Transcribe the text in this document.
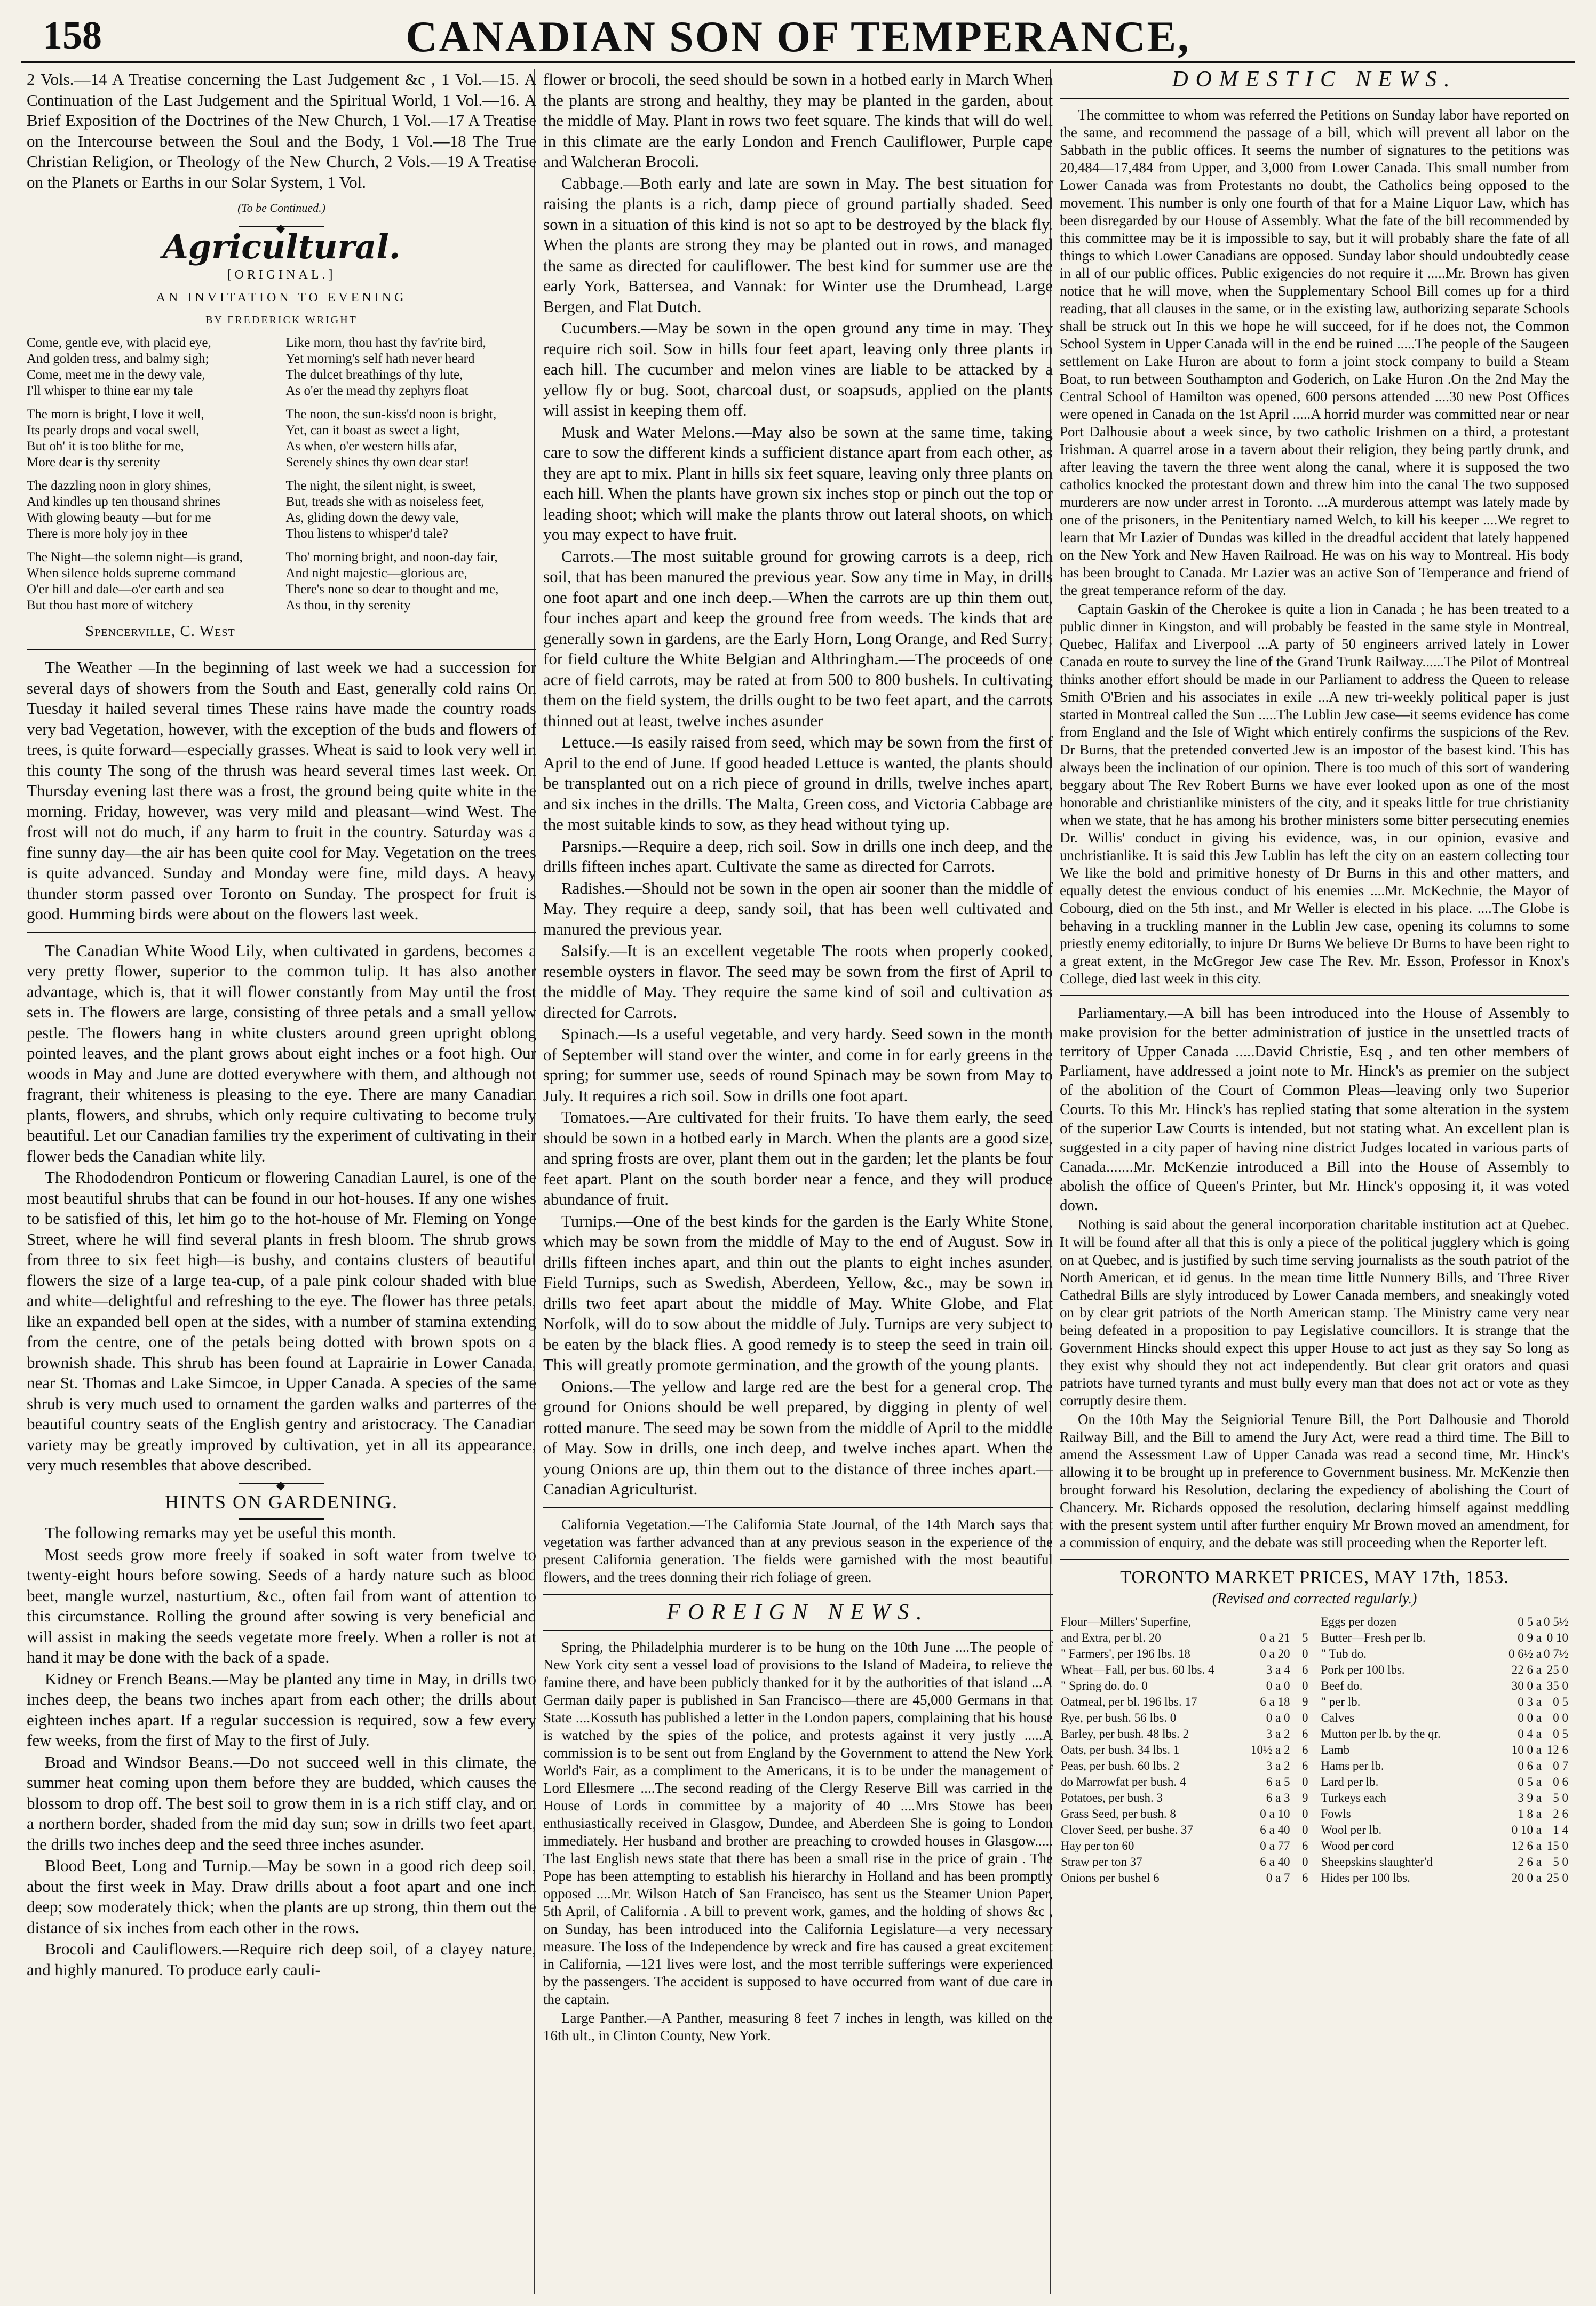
158	CANADIAN SON OF TEMPERANCE,

2 Vols.—14 A Treatise concerning the Last Judgement &c , 1 Vol.—15. A Continuation of the Last Judgement and the Spiritual World, 1 Vol.—16. A Brief Exposition of the Doctrines of the New Church, 1 Vol.—17 A Treatise on the Intercourse between the Soul and the Body, 1 Vol.—18 The True Christian Religion, or Theology of the New Church, 2 Vols.—19 A Treatise on the Planets or Earths in our Solar System, 1 Vol.

(To be Continued.)
◆
Agricultural.
[ORIGINAL.]
AN INVITATION TO EVENING
BY FREDERICK WRIGHT
Come, gentle eve, with placid eye,
And golden tress, and balmy sigh;
Come, meet me in the dewy vale,
I'll whisper to thine ear my tale
Like morn, thou hast thy fav'rite bird,
Yet morning's self hath never heard
The dulcet breathings of thy lute,
As o'er the mead thy zephyrs float
The morn is bright, I love it well,
Its pearly drops and vocal swell,
But oh' it is too blithe for me,
More dear is thy serenity
The noon, the sun-kiss'd noon is bright,
Yet, can it boast as sweet a light,
As when, o'er western hills afar,
Serenely shines thy own dear star!
The dazzling noon in glory shines,
And kindles up ten thousand shrines
With glowing beauty —but for me
There is more holy joy in thee
The night, the silent night, is sweet,
But, treads she with as noiseless feet,
As, gliding down the dewy vale,
Thou listens to whisper'd tale?
The Night—the solemn night—is grand,
When silence holds supreme command
O'er hill and dale—o'er earth and sea
But thou hast more of witchery
Tho' morning bright, and noon-day fair,
And night majestic—glorious are,
There's none so dear to thought and me,
As thou, in thy serenity
Spencerville, C. West

The Weather —In the beginning of last week we had a succession for several days of showers from the South and East, generally cold rains On Tuesday it hailed several times These rains have made the country roads very bad Vegetation, however, with the exception of the buds and flowers of trees, is quite forward—especially grasses. Wheat is said to look very well in this county The song of the thrush was heard several times last week. On Thursday evening last there was a frost, the ground being quite white in the morning. Friday, however, was very mild and pleasant—wind West. The frost will not do much, if any harm to fruit in the country. Saturday was a fine sunny day—the air has been quite cool for May. Vegetation on the trees is quite advanced. Sunday and Monday were fine, mild days. A heavy thunder storm passed over Toronto on Sunday. The prospect for fruit is good. Humming birds were about on the flowers last week.

The Canadian White Wood Lily, when cultivated in gardens, becomes a very pretty flower, superior to the common tulip. It has also another advantage, which is, that it will flower constantly from May until the frost sets in. The flowers are large, consisting of three petals and a small yellow pestle. The flowers hang in white clusters around green upright oblong pointed leaves, and the plant grows about eight inches or a foot high. Our woods in May and June are dotted everywhere with them, and although not fragrant, their whiteness is pleasing to the eye. There are many Canadian plants, flowers, and shrubs, which only require cultivating to become truly beautiful. Let our Canadian families try the experiment of cultivating in their flower beds the Canadian white lily.

The Rhododendron Ponticum or flowering Canadian Laurel, is one of the most beautiful shrubs that can be found in our hot-houses. If any one wishes to be satisfied of this, let him go to the hot-house of Mr. Fleming on Yonge Street, where he will find several plants in fresh bloom. The shrub grows from three to six feet high—is bushy, and contains clusters of beautiful flowers the size of a large tea-cup, of a pale pink colour shaded with blue and white—delightful and refreshing to the eye. The flower has three petals, like an expanded bell open at the sides, with a number of stamina extending from the centre, one of the petals being dotted with brown spots on a brownish shade. This shrub has been found at Laprairie in Lower Canada, near St. Thomas and Lake Simcoe, in Upper Canada. A species of the same shrub is very much used to ornament the garden walks and parterres of the beautiful country seats of the English gentry and aristocracy. The Canadian variety may be greatly improved by cultivation, yet in all its appearance, very much resembles that above described.

◆
HINTS ON GARDENING.

The following remarks may yet be useful this month.

Most seeds grow more freely if soaked in soft water from twelve to twenty-eight hours before sowing. Seeds of a hardy nature such as blood beet, mangle wurzel, nasturtium, &c., often fail from want of attention to this circumstance. Rolling the ground after sowing is very beneficial and will assist in making the seeds vegetate more freely. When a roller is not at hand it may be done with the back of a spade.

Kidney or French Beans.—May be planted any time in May, in drills two inches deep, the beans two inches apart from each other; the drills about eighteen inches apart. If a regular succession is required, sow a few every few weeks, from the first of May to the first of July.

Broad and Windsor Beans.—Do not succeed well in this climate, the summer heat coming upon them before they are budded, which causes the blossom to drop off. The best soil to grow them in is a rich stiff clay, and on a northern border, shaded from the mid day sun; sow in drills two feet apart, the drills two inches deep and the seed three inches asunder.

Blood Beet, Long and Turnip.—May be sown in a good rich deep soil, about the first week in May. Draw drills about a foot apart and one inch deep; sow moderately thick; when the plants are up strong, thin them out the distance of six inches from each other in the rows.

Brocoli and Cauliflowers.—Require rich deep soil, of a clayey nature, and highly manured. To produce early cauli-

flower or brocoli, the seed should be sown in a hotbed early in March When the plants are strong and healthy, they may be planted in the garden, about the middle of May. Plant in rows two feet square. The kinds that will do well in this climate are the early London and French Cauliflower, Purple cape and Walcheran Brocoli.

Cabbage.—Both early and late are sown in May. The best situation for raising the plants is a rich, damp piece of ground partially shaded. Seed sown in a situation of this kind is not so apt to be destroyed by the black fly. When the plants are strong they may be planted out in rows, and managed the same as directed for cauliflower. The best kind for summer use are the early York, Battersea, and Vannak: for Winter use the Drumhead, Large Bergen, and Flat Dutch.

Cucumbers.—May be sown in the open ground any time in may. They require rich soil. Sow in hills four feet apart, leaving only three plants in each hill. The cucumber and melon vines are liable to be attacked by a yellow fly or bug. Soot, charcoal dust, or soapsuds, applied on the plants will assist in keeping them off.

Musk and Water Melons.—May also be sown at the same time, taking care to sow the different kinds a sufficient distance apart from each other, as they are apt to mix. Plant in hills six feet square, leaving only three plants on each hill. When the plants have grown six inches stop or pinch out the top or leading shoot; which will make the plants throw out lateral shoots, on which you may expect to have fruit.

Carrots.—The most suitable ground for growing carrots is a deep, rich soil, that has been manured the previous year. Sow any time in May, in drills one foot apart and one inch deep.—When the carrots are up thin them out, four inches apart and keep the ground free from weeds. The kinds that are generally sown in gardens, are the Early Horn, Long Orange, and Red Surry; for field culture the White Belgian and Althringham.—The proceeds of one acre of field carrots, may be rated at from 500 to 800 bushels. In cultivating them on the field system, the drills ought to be two feet apart, and the carrots thinned out at least, twelve inches asunder

Lettuce.—Is easily raised from seed, which may be sown from the first of April to the end of June. If good headed Lettuce is wanted, the plants should be transplanted out on a rich piece of ground in drills, twelve inches apart, and six inches in the drills. The Malta, Green coss, and Victoria Cabbage are the most suitable kinds to sow, as they head without tying up.

Parsnips.—Require a deep, rich soil. Sow in drills one inch deep, and the drills fifteen inches apart. Cultivate the same as directed for Carrots.

Radishes.—Should not be sown in the open air sooner than the middle of May. They require a deep, sandy soil, that has been well cultivated and manured the previous year.

Salsify.—It is an excellent vegetable The roots when properly cooked, resemble oysters in flavor. The seed may be sown from the first of April to the middle of May. They require the same kind of soil and cultivation as directed for Carrots.

Spinach.—Is a useful vegetable, and very hardy. Seed sown in the month of September will stand over the winter, and come in for early greens in the spring; for summer use, seeds of round Spinach may be sown from May to July. It requires a rich soil. Sow in drills one foot apart.

Tomatoes.—Are cultivated for their fruits. To have them early, the seed should be sown in a hotbed early in March. When the plants are a good size, and spring frosts are over, plant them out in the garden; let the plants be four feet apart. Plant on the south border near a fence, and they will produce abundance of fruit.

Turnips.—One of the best kinds for the garden is the Early White Stone, which may be sown from the middle of May to the end of August. Sow in drills fifteen inches apart, and thin out the plants to eight inches asunder. Field Turnips, such as Swedish, Aberdeen, Yellow, &c., may be sown in drills two feet apart about the middle of May. White Globe, and Flat Norfolk, will do to sow about the middle of July. Turnips are very subject to be eaten by the black flies. A good remedy is to steep the seed in train oil. This will greatly promote germination, and the growth of the young plants.

Onions.—The yellow and large red are the best for a general crop. The ground for Onions should be well prepared, by digging in plenty of well rotted manure. The seed may be sown from the middle of April to the middle of May. Sow in drills, one inch deep, and twelve inches apart. When the young Onions are up, thin them out to the distance of three inches apart.—Canadian Agriculturist.

California Vegetation.—The California State Journal, of the 14th March says that vegetation was farther advanced than at any previous season in the experience of the present California generation. The fields were garnished with the most beautiful flowers, and the trees donning their rich foliage of green.

FOREIGN NEWS.

Spring, the Philadelphia murderer is to be hung on the 10th June ....The people of New York city sent a vessel load of provisions to the Island of Madeira, to relieve the famine there, and have been publicly thanked for it by the authorities of that island ...A German daily paper is published in San Francisco—there are 45,000 Germans in that State ....Kossuth has published a letter in the London papers, complaining that his house is watched by the spies of the police, and protests against it very justly .....A commission is to be sent out from England by the Government to attend the New York World's Fair, as a compliment to the Americans, it is to be under the management of Lord Ellesmere ....The second reading of the Clergy Reserve Bill was carried in the House of Lords in committee by a majority of 40 ....Mrs Stowe has been enthusiastically received in Glasgow, Dundee, and Aberdeen She is going to London immediately. Her husband and brother are preaching to crowded houses in Glasgow..... The last English news state that there has been a small rise in the price of grain . The Pope has been attempting to establish his hierarchy in Holland and has been promptly opposed ....Mr. Wilson Hatch of San Francisco, has sent us the Steamer Union Paper, 5th April, of California . A bill to prevent work, games, and the holding of shows &c , on Sunday, has been introduced into the California Legislature—a very necessary measure. The loss of the Independence by wreck and fire has caused a great excitement in California, —121 lives were lost, and the most terrible sufferings were experienced by the passengers. The accident is supposed to have occurred from want of due care in the captain.

Large Panther.—A Panther, measuring 8 feet 7 inches in length, was killed on the 16th ult., in Clinton County, New York.

DOMESTIC NEWS.

The committee to whom was referred the Petitions on Sunday labor have reported on the same, and recommend the passage of a bill, which will prevent all labor on the Sabbath in the public offices. It seems the number of signatures to the petitions was 20,484—17,484 from Upper, and 3,000 from Lower Canada. This small number from Lower Canada was from Protestants no doubt, the Catholics being opposed to the movement. This number is only one fourth of that for a Maine Liquor Law, which has been disregarded by our House of Assembly. What the fate of the bill recommended by this committee may be it is impossible to say, but it will probably share the fate of all things to which Lower Canadians are opposed. Sunday labor should undoubtedly cease in all of our public offices. Public exigencies do not require it .....Mr. Brown has given notice that he will move, when the Supplementary School Bill comes up for a third reading, that all clauses in the same, or in the existing law, authorizing separate Schools shall be struck out In this we hope he will succeed, for if he does not, the Common School System in Upper Canada will in the end be ruined .....The people of the Saugeen settlement on Lake Huron are about to form a joint stock company to build a Steam Boat, to run between Southampton and Goderich, on Lake Huron .On the 2nd May the Central School of Hamilton was opened, 600 persons attended ....30 new Post Offices were opened in Canada on the 1st April .....A horrid murder was committed near or near Port Dalhousie about a week since, by two catholic Irishmen on a third, a protestant Irishman. A quarrel arose in a tavern about their religion, they being partly drunk, and after leaving the tavern the three went along the canal, where it is supposed the two catholics knocked the protestant down and threw him into the canal The two supposed murderers are now under arrest in Toronto. ...A murderous attempt was lately made by one of the prisoners, in the Penitentiary named Welch, to kill his keeper ....We regret to learn that Mr Lazier of Dundas was killed in the dreadful accident that lately happened on the New York and New Haven Railroad. He was on his way to Montreal. His body has been brought to Canada. Mr Lazier was an active Son of Temperance and friend of the great temperance reform of the day.

Captain Gaskin of the Cherokee is quite a lion in Canada ; he has been treated to a public dinner in Kingston, and will probably be feasted in the same style in Montreal, Quebec, Halifax and Liverpool ...A party of 50 engineers arrived lately in Lower Canada en route to survey the line of the Grand Trunk Railway......The Pilot of Montreal thinks another effort should be made in our Parliament to address the Queen to release Smith O'Brien and his associates in exile ...A new tri-weekly political paper is just started in Montreal called the Sun .....The Lublin Jew case—it seems evidence has come from England and the Isle of Wight which entirely confirms the suspicions of the Rev. Dr Burns, that the pretended converted Jew is an impostor of the basest kind. This has always been the inclination of our opinion. There is too much of this sort of wandering beggary about The Rev Robert Burns we have ever looked upon as one of the most honorable and christianlike ministers of the city, and it speaks little for true christianity when we state, that he has among his brother ministers some bitter persecuting enemies Dr. Willis' conduct in giving his evidence, was, in our opinion, evasive and unchristianlike. It is said this Jew Lublin has left the city on an eastern collecting tour We like the bold and primitive honesty of Dr Burns in this and other matters, and equally detest the envious conduct of his enemies ....Mr. McKechnie, the Mayor of Cobourg, died on the 5th inst., and Mr Weller is elected in his place. ....The Globe is behaving in a truckling manner in the Lublin Jew case, opening its columns to some priestly enemy editorially, to injure Dr Burns We believe Dr Burns to have been right to a great extent, in the McGregor Jew case The Rev. Mr. Esson, Professor in Knox's College, died last week in this city.

Parliamentary.—A bill has been introduced into the House of Assembly to make provision for the better administration of justice in the unsettled tracts of territory of Upper Canada .....David Christie, Esq , and ten other members of Parliament, have addressed a joint note to Mr. Hinck's as premier on the subject of the abolition of the Court of Common Pleas—leaving only two Superior Courts. To this Mr. Hinck's has replied stating that some alteration in the system of the superior Law Courts is intended, but not stating what. An excellent plan is suggested in a city paper of having nine district Judges located in various parts of Canada.......Mr. McKenzie introduced a Bill into the House of Assembly to abolish the office of Queen's Printer, but Mr. Hinck's opposing it, it was voted down.

Nothing is said about the general incorporation charitable institution act at Quebec. It will be found after all that this is only a piece of the political jugglery which is going on at Quebec, and is justified by such time serving journalists as the south patriot of the North American, et id genus. In the mean time little Nunnery Bills, and Three River Cathedral Bills are slyly introduced by Lower Canada members, and sneakingly voted on by clear grit patriots of the North American stamp. The Ministry came very near being defeated in a proposition to pay Legislative councillors. It is strange that the Government Hincks should expect this upper House to act just as they say So long as they exist why should they not act independently. But clear grit orators and quasi patriots have turned tyrants and must bully every man that does not act or vote as they corruptly desire them.

On the 10th May the Seigniorial Tenure Bill, the Port Dalhousie and Thorold Railway Bill, and the Bill to amend the Jury Act, were read a third time. The Bill to amend the Assessment Law of Upper Canada was read a second time, Mr. Hinck's allowing it to be brought up in preference to Government business. Mr. McKenzie then brought forward his Resolution, declaring the expediency of abolishing the Court of Chancery. Mr. Richards opposed the resolution, declaring himself against meddling with the present system until after further enquiry Mr Brown moved an amendment, for a commission of enquiry, and the debate was still proceeding when the Reporter left.

TORONTO MARKET PRICES, MAY 17th, 1853.
(Revised and corrected regularly.)
Flour—Millers' Superfine,		
and Extra, per bl. 20	0 a 21	5
" Farmers', per 196 lbs. 18	0 a 20	0
Wheat—Fall, per bus. 60 lbs. 4	3 a 4	6
" Spring do. do. 0	0 a 0	0
Oatmeal, per bl. 196 lbs. 17	6 a 18	9
Rye, per bush. 56 lbs. 0	0 a 0	0
Barley, per bush. 48 lbs. 2	3 a 2	6
Oats, per bush. 34 lbs. 1	10½ a 2	6
Peas, per bush. 60 lbs. 2	3 a 2	6
do Marrowfat per bush. 4	6 a 5	0
Potatoes, per bush. 3	6 a 3	9
Grass Seed, per bush. 8	0 a 10	0
Clover Seed, per bushe. 37	6 a 40	0
Hay per ton 60	0 a 77	6
Straw per ton 37	6 a 40	0
Onions per bushel 6	0 a 7	6
Eggs per dozen	0 5 a	0 5½
Butter—Fresh per lb.	0 9 a	0 10
" Tub do.	0 6½ a	0 7½
Pork per 100 lbs.	22 6 a	25 0
Beef do.	30 0 a	35 0
" per lb.	0 3 a	0 5
Calves	0 0 a	0 0
Mutton per lb. by the qr.	0 4 a	0 5
Lamb	10 0 a	12 6
Hams per lb.	0 6 a	0 7
Lard per lb.	0 5 a	0 6
Turkeys each	3 9 a	5 0
Fowls	1 8 a	2 6
Wool per lb.	0 10 a	1 4
Wood per cord	12 6 a	15 0
Sheepskins slaughter'd	2 6 a	5 0
Hides per 100 lbs.	20 0 a	25 0
